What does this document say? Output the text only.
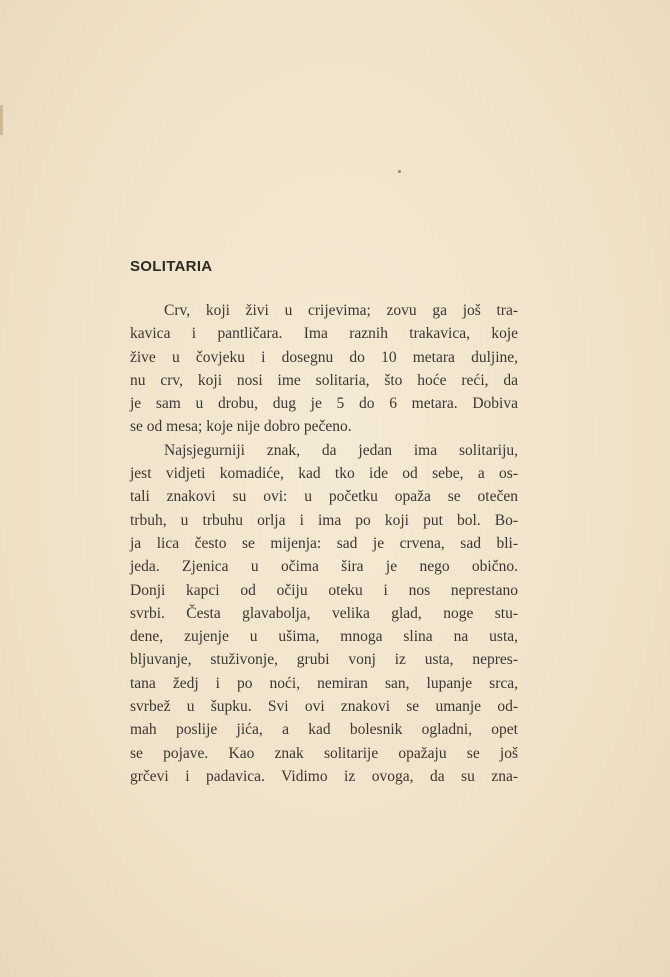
SOLITARIA
Crv, koji živi u crijevima; zovu ga još tra-
kavica i pantličara. Ima raznih trakavica, koje
žive u čovjeku i dosegnu do 10 metara duljine,
nu crv, koji nosi ime solitaria, što hoće reći, da
je sam u drobu, dug je 5 do 6 metara. Dobiva
se od mesa; koje nije dobro pečeno.
Najsjegurniji znak, da jedan ima solitariju,
jest vidjeti komadiće, kad tko ide od sebe, a os-
tali znakovi su ovi: u početku opaža se otečen
trbuh, u trbuhu orlja i ima po koji put bol. Bo-
ja lica često se mijenja: sad je crvena, sad bli-
jeda. Zjenica u očima šira je nego obično.
Donji kapci od očiju oteku i nos neprestano
svrbi. Česta glavabolja, velika glad, noge stu-
dene, zujenje u ušima, mnoga slina na usta,
bljuvanje, stuživonje, grubi vonj iz usta, nepres-
tana žedj i po noći, nemiran san, lupanje srca,
svrbež u šupku. Svi ovi znakovi se umanje od-
mah poslije jića, a kad bolesnik ogladni, opet
se pojave. Kao znak solitarije opažaju se još
grčevi i padavica. Vidimo iz ovoga, da su zna-
